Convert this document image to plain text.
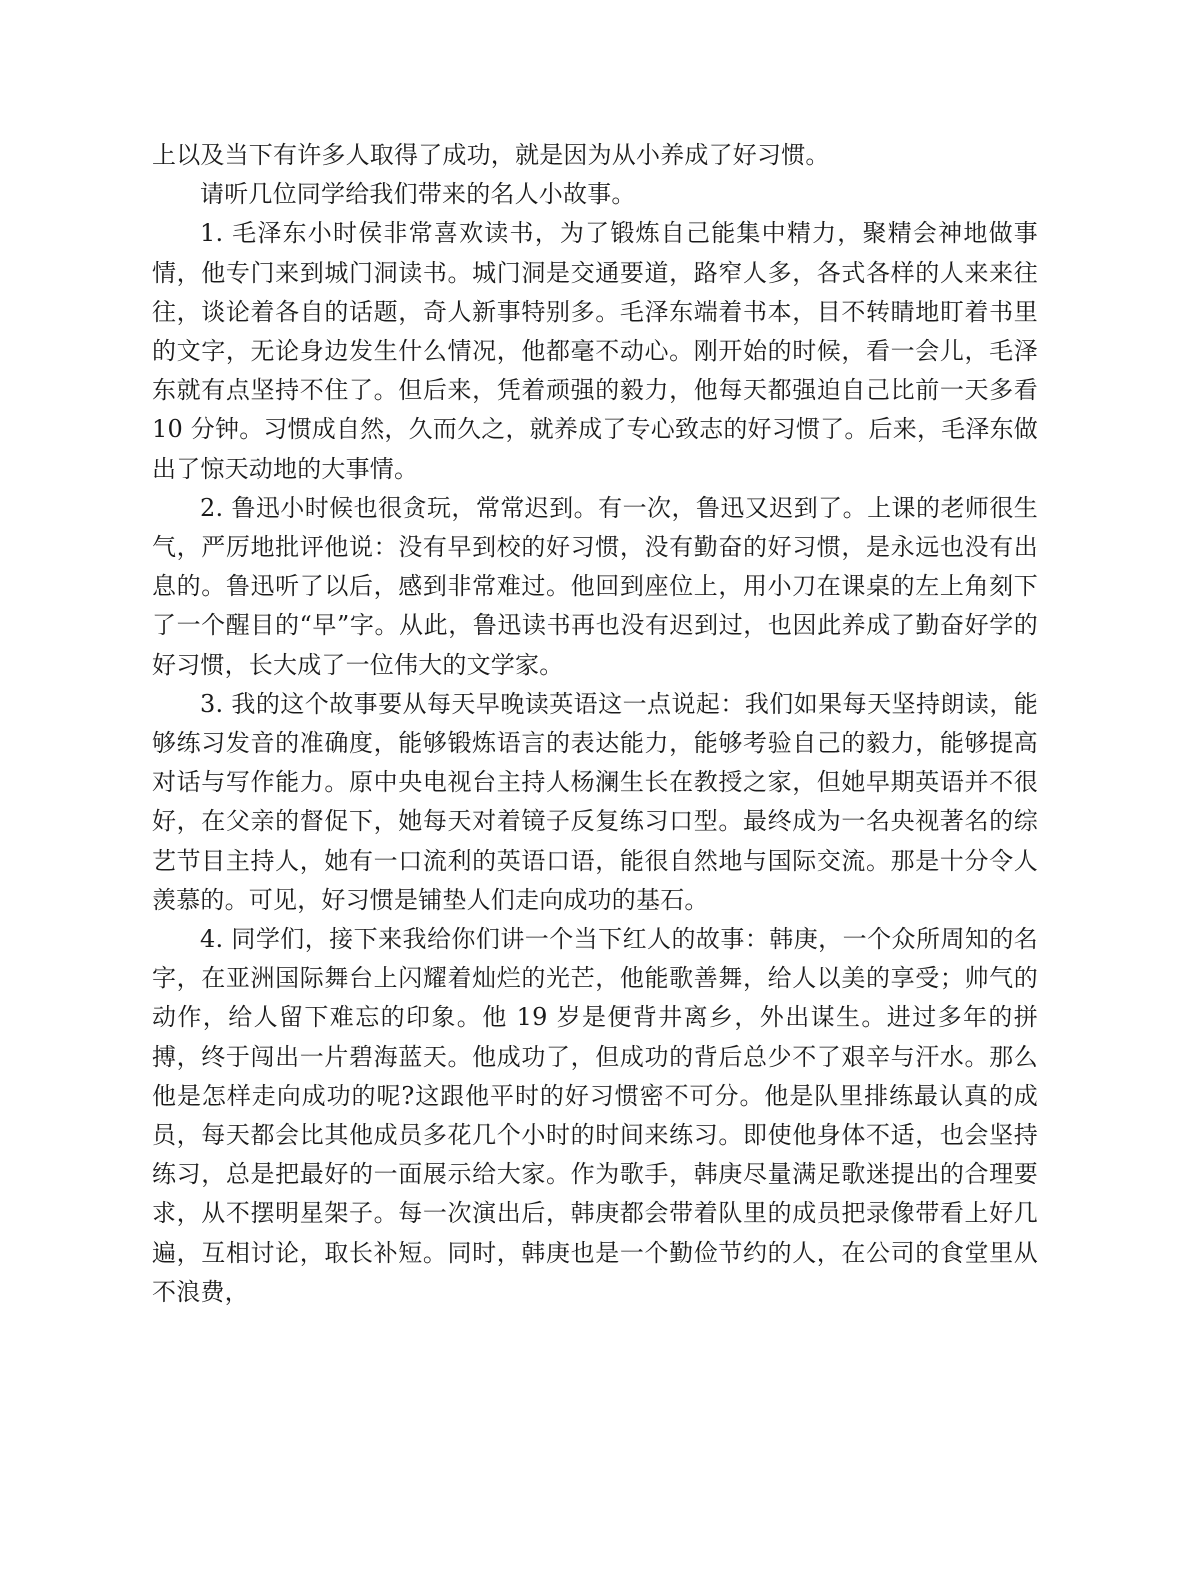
上以及当下有许多人取得了成功，就是因为从小养成了好习惯。

请听几位同学给我们带来的名人小故事。

1. 毛泽东小时侯非常喜欢读书，为了锻炼自己能集中精力，聚精会神地做事情，他专门来到城门洞读书。城门洞是交通要道，路窄人多，各式各样的人来来往往，谈论着各自的话题，奇人新事特别多。毛泽东端着书本，目不转睛地盯着书里的文字，无论身边发生什么情况，他都毫不动心。刚开始的时候，看一会儿，毛泽东就有点坚持不住了。但后来，凭着顽强的毅力，他每天都强迫自己比前一天多看 10 分钟。习惯成自然，久而久之，就养成了专心致志的好习惯了。后来，毛泽东做出了惊天动地的大事情。

2. 鲁迅小时候也很贪玩，常常迟到。有一次，鲁迅又迟到了。上课的老师很生气，严厉地批评他说：没有早到校的好习惯，没有勤奋的好习惯，是永远也没有出息的。鲁迅听了以后，感到非常难过。他回到座位上，用小刀在课桌的左上角刻下了一个醒目的“早”字。从此，鲁迅读书再也没有迟到过，也因此养成了勤奋好学的好习惯，长大成了一位伟大的文学家。

3. 我的这个故事要从每天早晚读英语这一点说起：我们如果每天坚持朗读，能够练习发音的准确度，能够锻炼语言的表达能力，能够考验自己的毅力，能够提高对话与写作能力。原中央电视台主持人杨澜生长在教授之家，但她早期英语并不很好，在父亲的督促下，她每天对着镜子反复练习口型。最终成为一名央视著名的综艺节目主持人，她有一口流利的英语口语，能很自然地与国际交流。那是十分令人羡慕的。可见，好习惯是铺垫人们走向成功的基石。

4. 同学们，接下来我给你们讲一个当下红人的故事：韩庚，一个众所周知的名字，在亚洲国际舞台上闪耀着灿烂的光芒，他能歌善舞，给人以美的享受；帅气的动作，给人留下难忘的印象。他 19 岁是便背井离乡，外出谋生。进过多年的拼搏，终于闯出一片碧海蓝天。他成功了，但成功的背后总少不了艰辛与汗水。那么他是怎样走向成功的呢?这跟他平时的好习惯密不可分。他是队里排练最认真的成员，每天都会比其他成员多花几个小时的时间来练习。即使他身体不适，也会坚持练习，总是把最好的一面展示给大家。作为歌手，韩庚尽量满足歌迷提出的合理要求，从不摆明星架子。每一次演出后，韩庚都会带着队里的成员把录像带看上好几遍，互相讨论，取长补短。同时，韩庚也是一个勤俭节约的人，在公司的食堂里从不浪费，
